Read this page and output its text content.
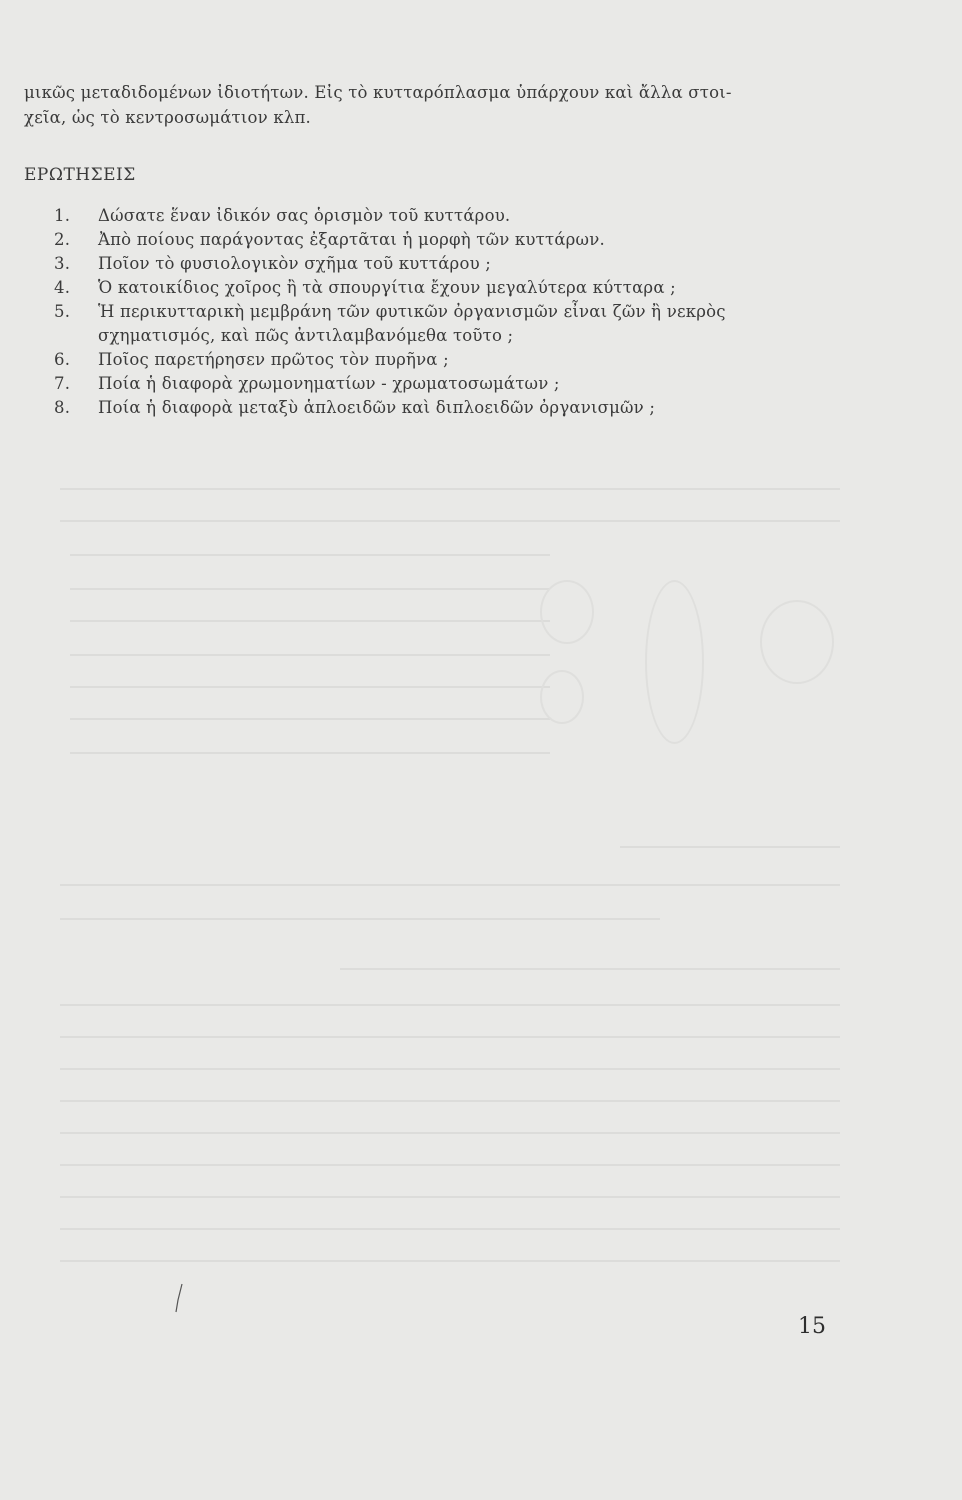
μικῶς μεταδιδομένων ἰδιοτήτων. Εἰς τὸ κυτταρόπλασμα ὑπάρχουν καὶ ἄλλα στοι-

χεῖα, ὡς τὸ κεντροσωμάτιον κλπ.

ΕΡΩΤΗΣΕΙΣ
1.	Δώσατε ἕναν ἰδικόν σας ὁρισμὸν τοῦ κυττάρου.
2.	Ἀπὸ ποίους παράγοντας ἐξαρτᾶται ἡ μορφὴ τῶν κυττάρων.
3.	Ποῖον τὸ φυσιολογικὸν σχῆμα τοῦ κυττάρου ;
4.	Ὁ κατοικίδιος χοῖρος ἢ τὰ σπουργίτια ἔχουν μεγαλύτερα κύτταρα ;
5.	Ἡ περικυτταρικὴ μεμβράνη τῶν φυτικῶν ὀργανισμῶν εἶναι ζῶν ἢ νεκρὸς σχηματισμός, καὶ πῶς ἀντιλαμβανόμεθα τοῦτο ;
6.	Ποῖος παρετήρησεν πρῶτος τὸν πυρῆνα ;
7.	Ποία ἡ διαφορὰ χρωμονηματίων - χρωματοσωμάτων ;
8.	Ποία ἡ διαφορὰ μεταξὺ ἁπλοειδῶν καὶ διπλοειδῶν ὀργανισμῶν ;
15
